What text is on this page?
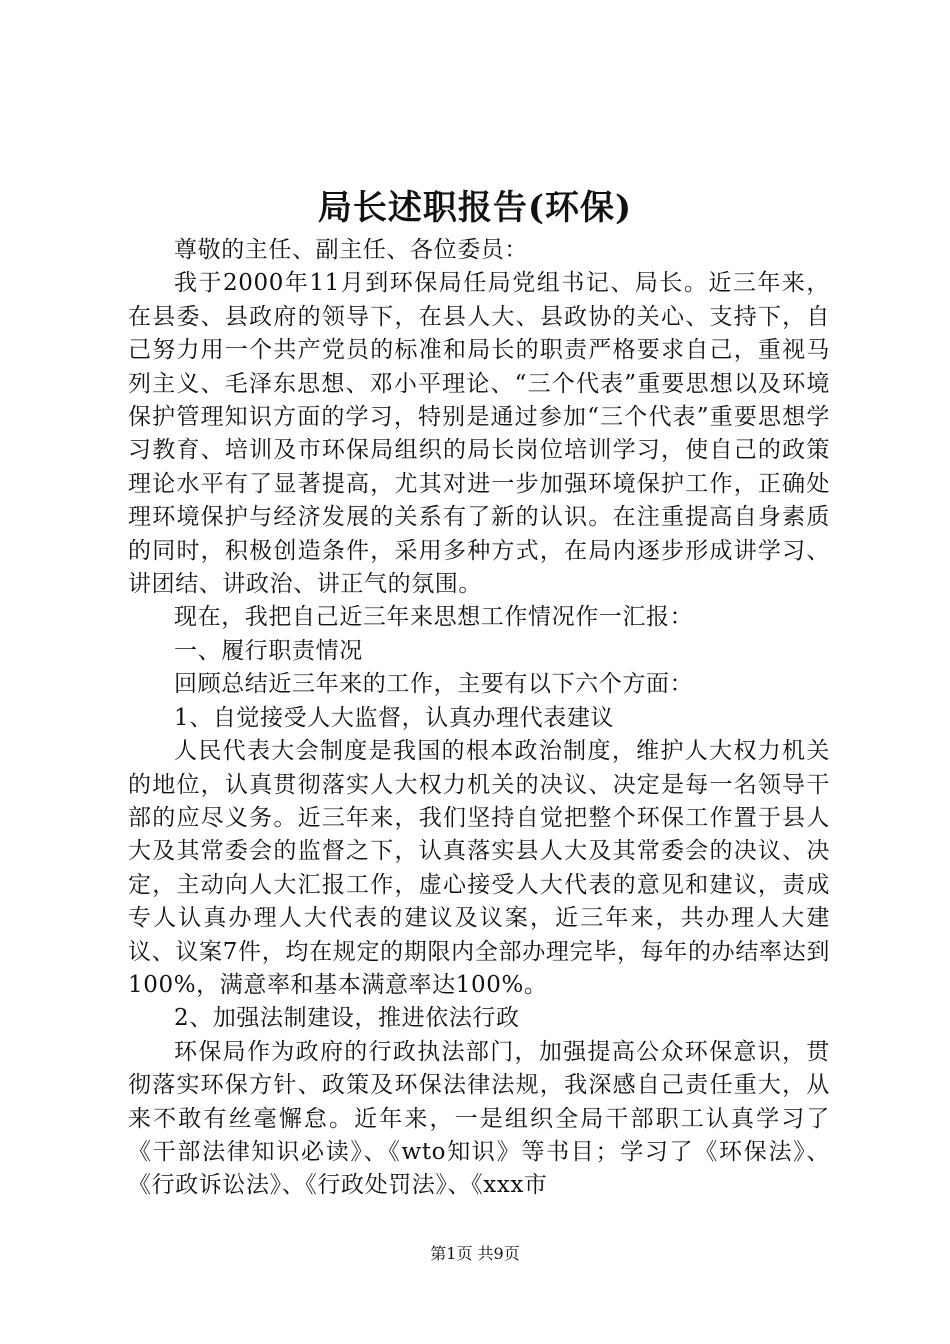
局长述职报告(环保)

尊敬的主任、副主任、各位委员：

我于2000年11月到环保局任局党组书记、局长。近三年来，在县委、县政府的领导下，在县人大、县政协的关心、支持下，自己努力用一个共产党员的标准和局长的职责严格要求自己，重视马列主义、毛泽东思想、邓小平理论、“三个代表”重要思想以及环境保护管理知识方面的学习，特别是通过参加“三个代表”重要思想学习教育、培训及市环保局组织的局长岗位培训学习，使自己的政策理论水平有了显著提高，尤其对进一步加强环境保护工作，正确处理环境保护与经济发展的关系有了新的认识。在注重提高自身素质的同时，积极创造条件，采用多种方式，在局内逐步形成讲学习、讲团结、讲政治、讲正气的氛围。

现在，我把自己近三年来思想工作情况作一汇报：

一、履行职责情况

回顾总结近三年来的工作，主要有以下六个方面：

1、自觉接受人大监督，认真办理代表建议

人民代表大会制度是我国的根本政治制度，维护人大权力机关的地位，认真贯彻落实人大权力机关的决议、决定是每一名领导干部的应尽义务。近三年来，我们坚持自觉把整个环保工作置于县人大及其常委会的监督之下，认真落实县人大及其常委会的决议、决定，主动向人大汇报工作，虚心接受人大代表的意见和建议，责成专人认真办理人大代表的建议及议案，近三年来，共办理人大建议、议案7件，均在规定的期限内全部办理完毕，每年的办结率达到100%，满意率和基本满意率达100%。

2、加强法制建设，推进依法行政

环保局作为政府的行政执法部门，加强提高公众环保意识，贯彻落实环保方针、政策及环保法律法规，我深感自己责任重大，从来不敢有丝毫懈怠。近年来，一是组织全局干部职工认真学习了《干部法律知识必读》、《wto知识》等书目；学习了《环保法》、《行政诉讼法》、《行政处罚法》、《xxx市

第1页 共9页
